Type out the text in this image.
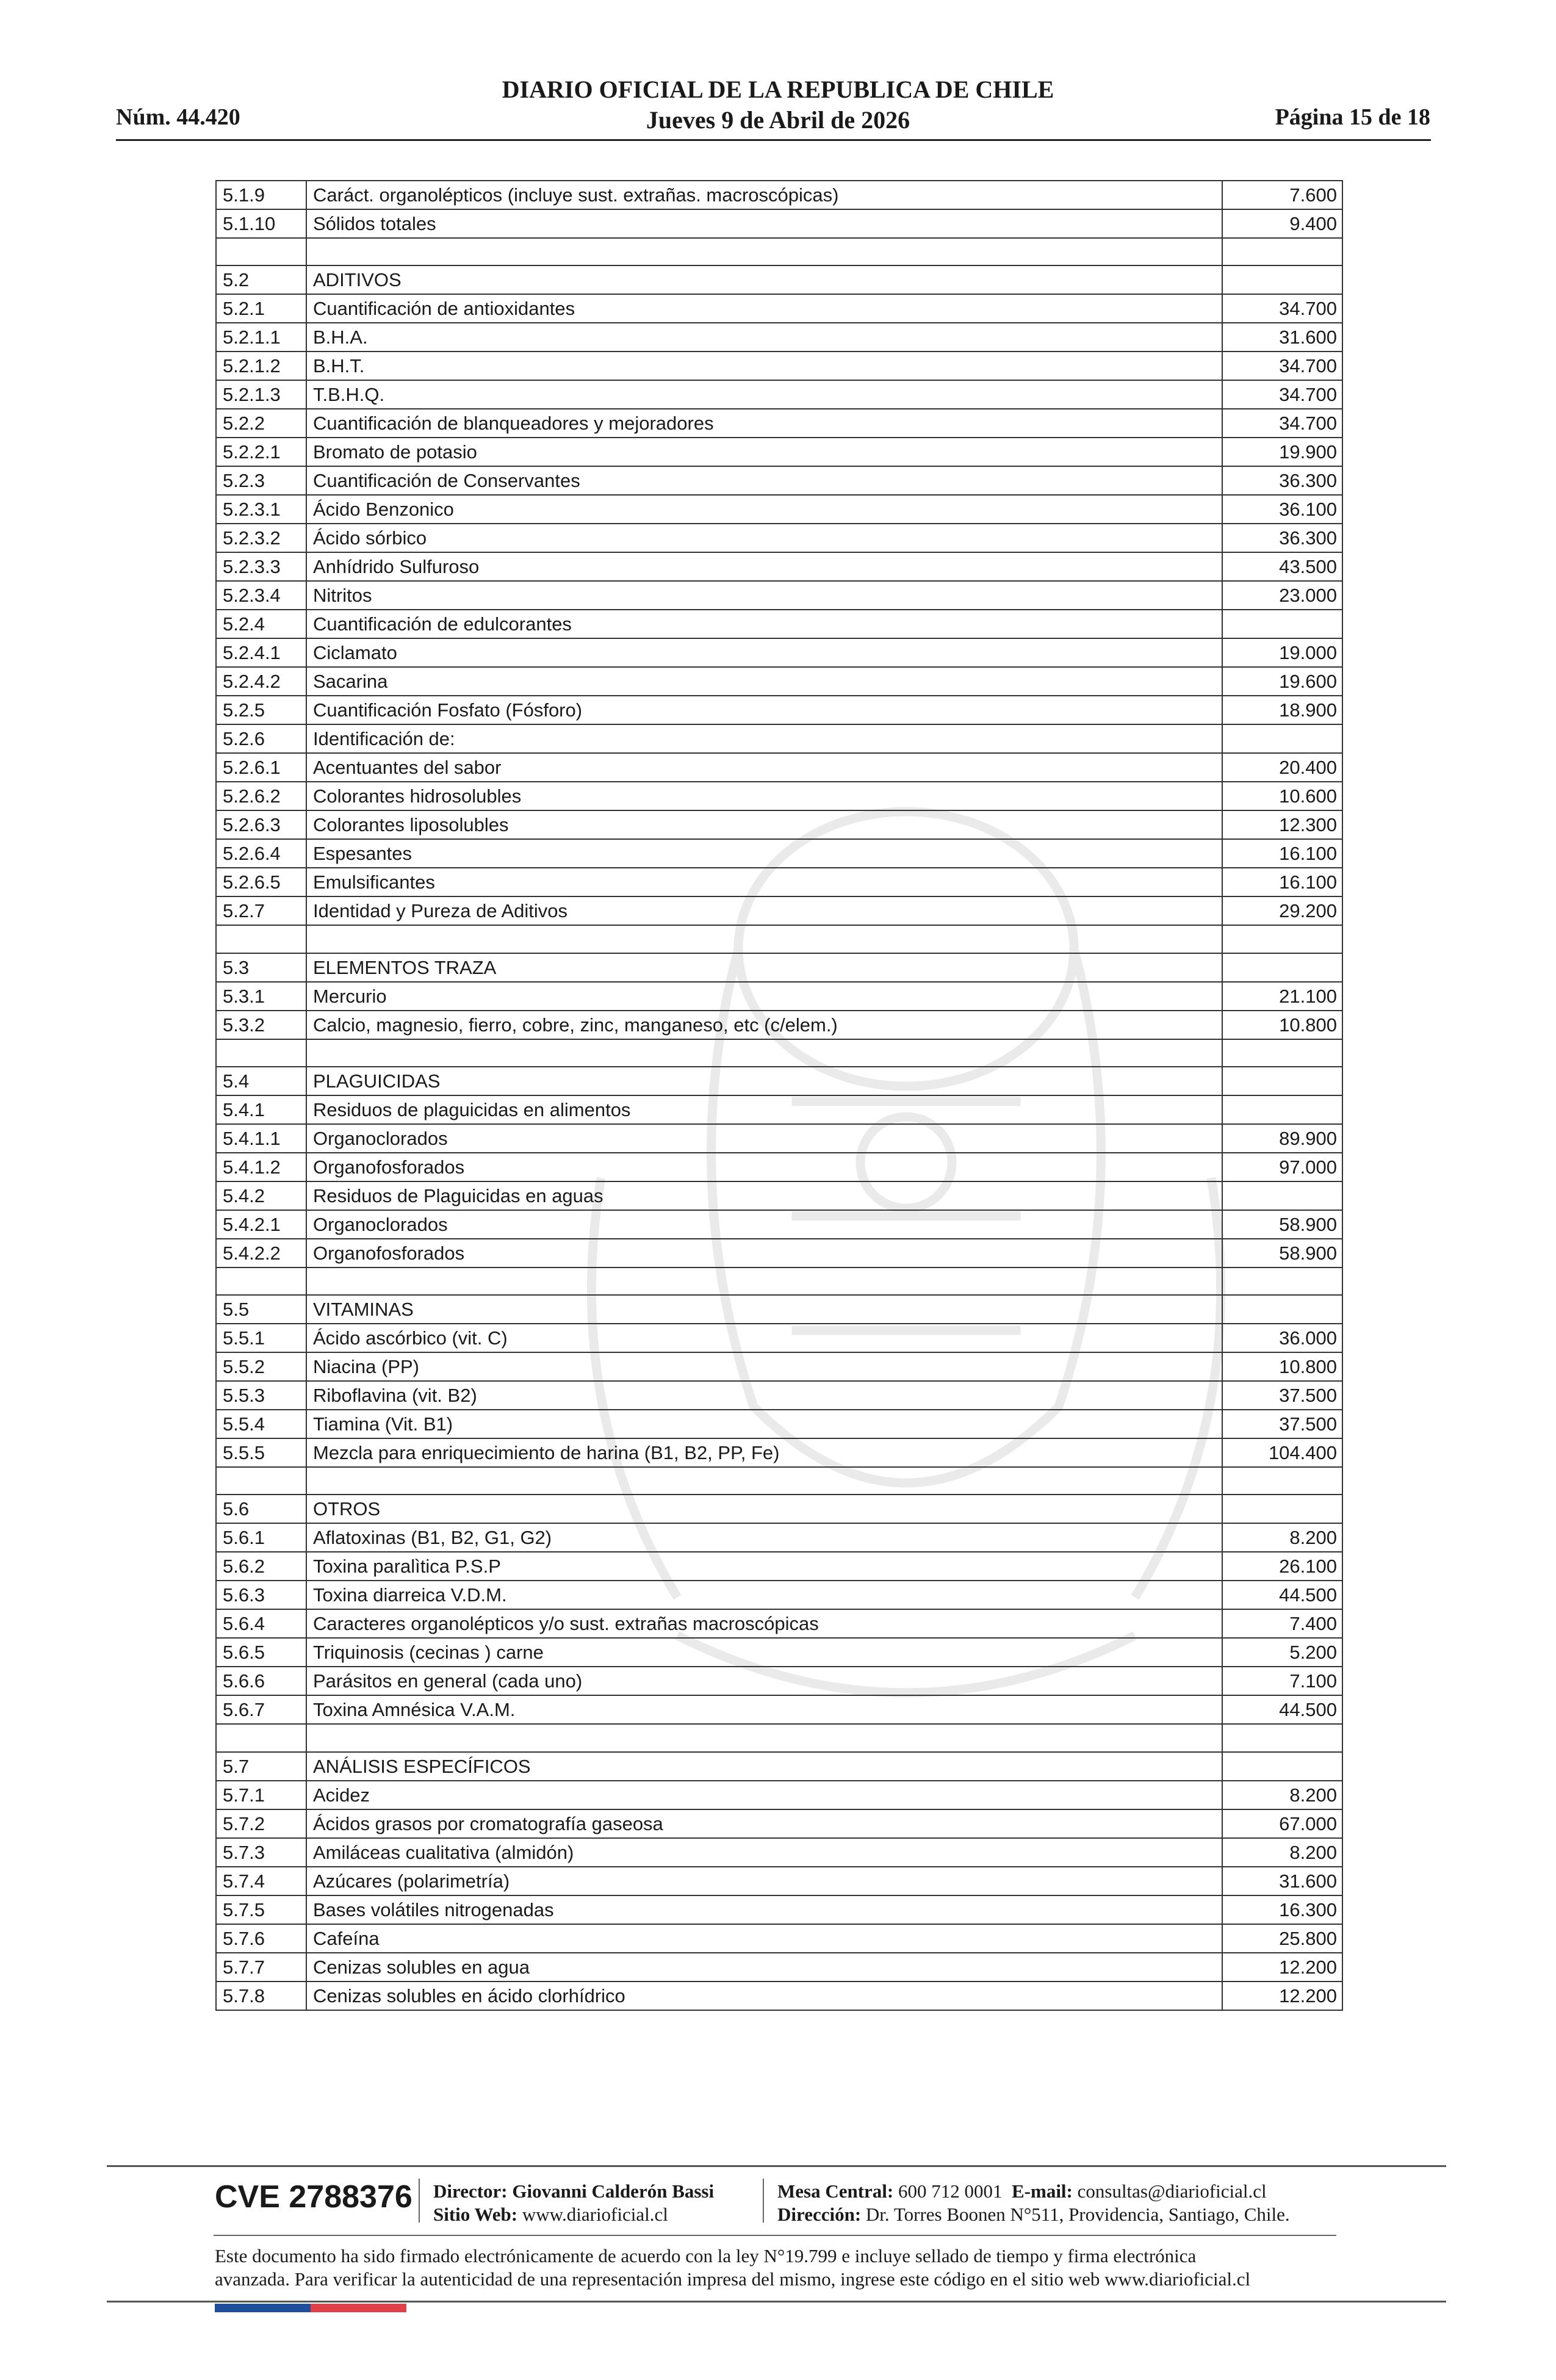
Núm. 44.420
DIARIO OFICIAL DE LA REPUBLICA DE CHILE
Jueves 9 de Abril de 2026	Página 15 de 18
5.1.9	Caráct. organolépticos (incluye sust. extrañas. macroscópicas)	7.600
5.1.10	Sólidos totales	9.400

5.2	ADITIVOS	
5.2.1	Cuantificación de antioxidantes	34.700
5.2.1.1	B.H.A.	31.600
5.2.1.2	B.H.T.	34.700
5.2.1.3	T.B.H.Q.	34.700
5.2.2	Cuantificación de blanqueadores y mejoradores	34.700
5.2.2.1	Bromato de potasio	19.900
5.2.3	Cuantificación de Conservantes	36.300
5.2.3.1	Ácido Benzonico	36.100
5.2.3.2	Ácido sórbico	36.300
5.2.3.3	Anhídrido Sulfuroso	43.500
5.2.3.4	Nitritos	23.000
5.2.4	Cuantificación de edulcorantes	
5.2.4.1	Ciclamato	19.000
5.2.4.2	Sacarina	19.600
5.2.5	Cuantificación Fosfato (Fósforo)	18.900
5.2.6	Identificación de:	
5.2.6.1	Acentuantes del sabor	20.400
5.2.6.2	Colorantes hidrosolubles	10.600
5.2.6.3	Colorantes liposolubles	12.300
5.2.6.4	Espesantes	16.100
5.2.6.5	Emulsificantes	16.100
5.2.7	Identidad y Pureza de Aditivos	29.200

5.3	ELEMENTOS TRAZA	
5.3.1	Mercurio	21.100
5.3.2	Calcio, magnesio, fierro, cobre, zinc, manganeso, etc (c/elem.)	10.800

5.4	PLAGUICIDAS	
5.4.1	Residuos de plaguicidas en alimentos	
5.4.1.1	Organoclorados	89.900
5.4.1.2	Organofosforados	97.000
5.4.2	Residuos de Plaguicidas en aguas	
5.4.2.1	Organoclorados	58.900
5.4.2.2	Organofosforados	58.900

5.5	VITAMINAS	
5.5.1	Ácido ascórbico (vit. C)	36.000
5.5.2	Niacina (PP)	10.800
5.5.3	Riboflavina (vit. B2)	37.500
5.5.4	Tiamina (Vit. B1)	37.500
5.5.5	Mezcla para enriquecimiento de harina (B1, B2, PP, Fe)	104.400

5.6	OTROS	
5.6.1	Aflatoxinas (B1, B2, G1, G2)	8.200
5.6.2	Toxina paralìtica P.S.P	26.100
5.6.3	Toxina diarreica V.D.M.	44.500
5.6.4	Caracteres organolépticos y/o sust. extrañas macroscópicas	7.400
5.6.5	Triquinosis (cecinas ) carne	5.200
5.6.6	Parásitos en general (cada uno)	7.100
5.6.7	Toxina Amnésica V.A.M.	44.500

5.7	ANÁLISIS ESPECÍFICOS	
5.7.1	Acidez	8.200
5.7.2	Ácidos grasos por cromatografía gaseosa	67.000
5.7.3	Amiláceas cualitativa (almidón)	8.200
5.7.4	Azúcares (polarimetría)	31.600
5.7.5	Bases volátiles nitrogenadas	16.300
5.7.6	Cafeína	25.800
5.7.7	Cenizas solubles en agua	12.200
5.7.8	Cenizas solubles en ácido clorhídrico	12.200
CVE 2788376 Director: Giovanni Calderón Bassi
Sitio Web: www.diarioficial.cl
Mesa Central: 600 712 0001 E-mail: consultas@diarioficial.cl
Dirección: Dr. Torres Boonen N°511, Providencia, Santiago, Chile.
Este documento ha sido firmado electrónicamente de acuerdo con la ley N°19.799 e incluye sellado de tiempo y firma electrónica
avanzada. Para verificar la autenticidad de una representación impresa del mismo, ingrese este código en el sitio web www.diarioficial.cl
